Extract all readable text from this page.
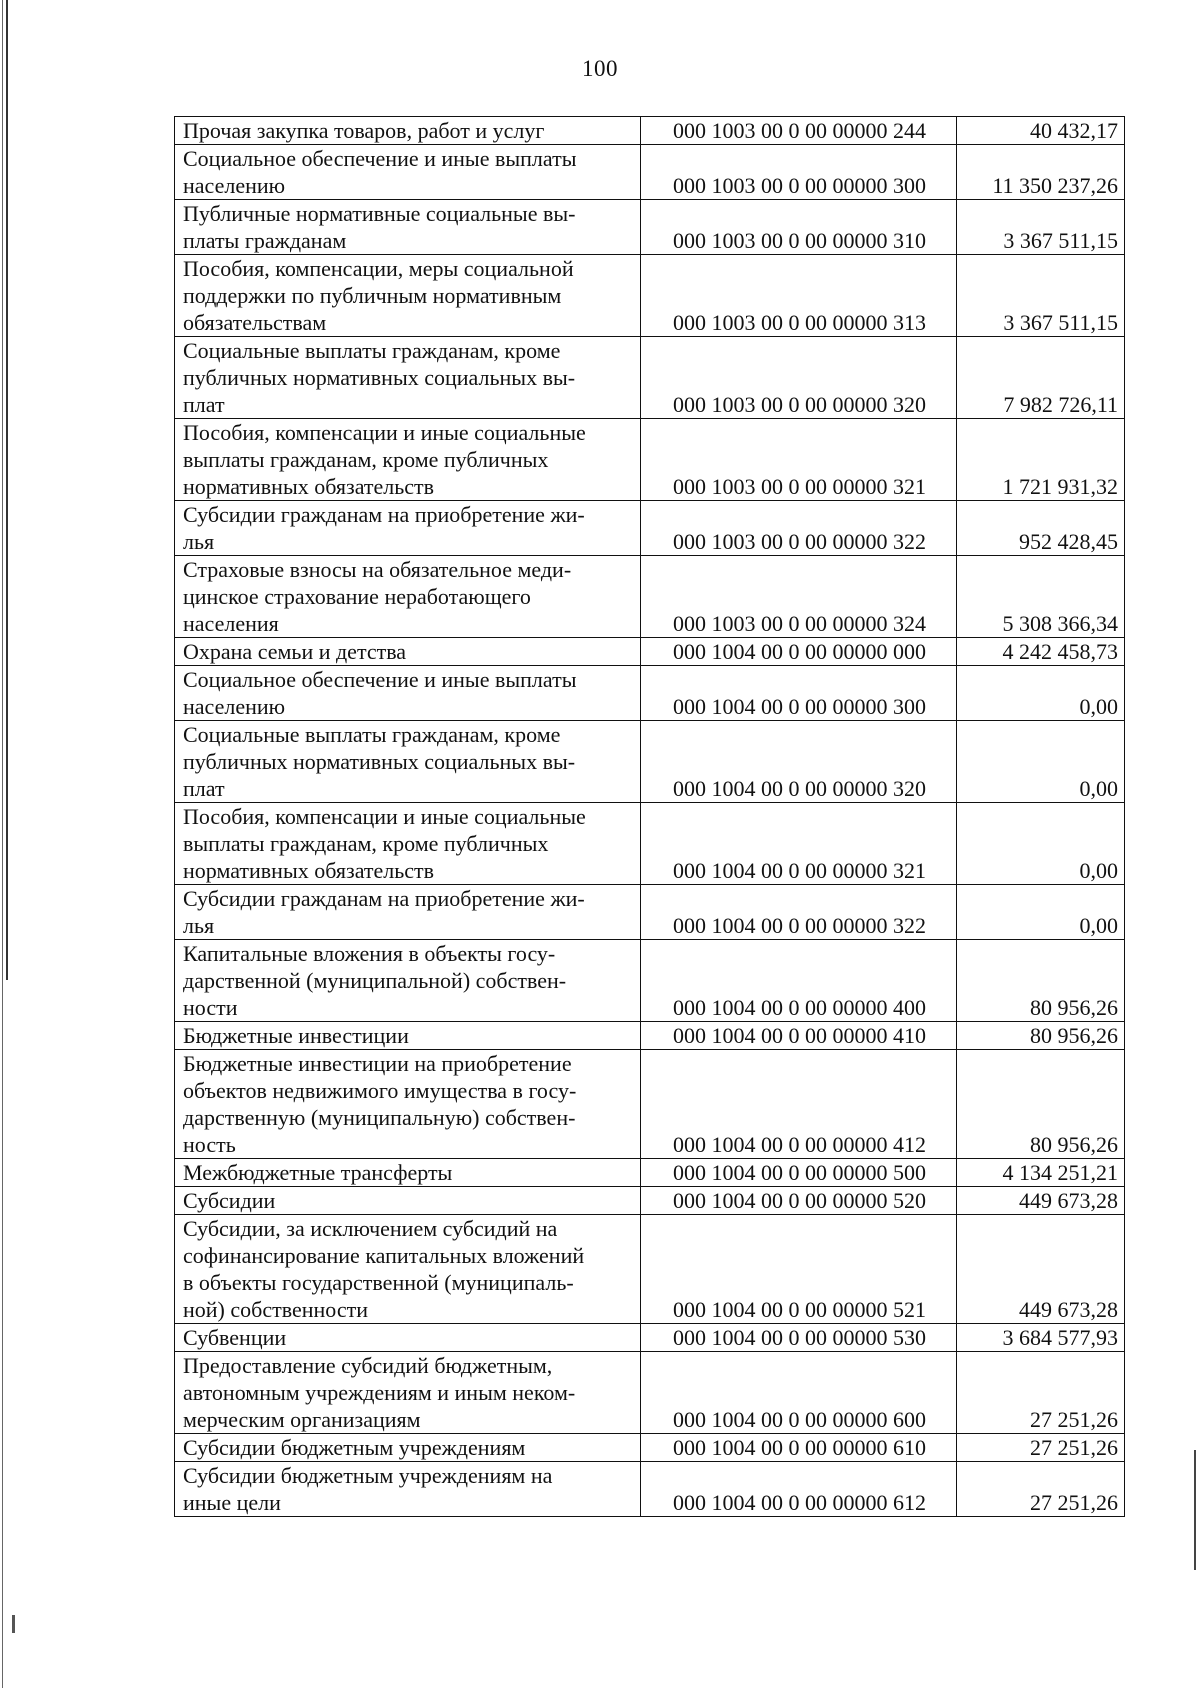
100
Прочая закупка товаров, работ и услуг	000 1003 00 0 00 00000 244	40 432,17
Социальное обеспечение и иные выплаты
населению	000 1003 00 0 00 00000 300	11 350 237,26
Публичные нормативные социальные вы-
платы гражданам	000 1003 00 0 00 00000 310	3 367 511,15
Пособия, компенсации, меры социальной
поддержки по публичным нормативным
обязательствам	000 1003 00 0 00 00000 313	3 367 511,15
Социальные выплаты гражданам, кроме
публичных нормативных социальных вы-
плат	000 1003 00 0 00 00000 320	7 982 726,11
Пособия, компенсации и иные социальные
выплаты гражданам, кроме публичных
нормативных обязательств	000 1003 00 0 00 00000 321	1 721 931,32
Субсидии гражданам на приобретение жи-
лья	000 1003 00 0 00 00000 322	952 428,45
Страховые взносы на обязательное меди-
цинское страхование неработающего
населения	000 1003 00 0 00 00000 324	5 308 366,34
Охрана семьи и детства	000 1004 00 0 00 00000 000	4 242 458,73
Социальное обеспечение и иные выплаты
населению	000 1004 00 0 00 00000 300	0,00
Социальные выплаты гражданам, кроме
публичных нормативных социальных вы-
плат	000 1004 00 0 00 00000 320	0,00
Пособия, компенсации и иные социальные
выплаты гражданам, кроме публичных
нормативных обязательств	000 1004 00 0 00 00000 321	0,00
Субсидии гражданам на приобретение жи-
лья	000 1004 00 0 00 00000 322	0,00
Капитальные вложения в объекты госу-
дарственной (муниципальной) собствен-
ности	000 1004 00 0 00 00000 400	80 956,26
Бюджетные инвестиции	000 1004 00 0 00 00000 410	80 956,26
Бюджетные инвестиции на приобретение
объектов недвижимого имущества в госу-
дарственную (муниципальную) собствен-
ность	000 1004 00 0 00 00000 412	80 956,26
Межбюджетные трансферты	000 1004 00 0 00 00000 500	4 134 251,21
Субсидии	000 1004 00 0 00 00000 520	449 673,28
Субсидии, за исключением субсидий на
софинансирование капитальных вложений
в объекты государственной (муниципаль-
ной) собственности	000 1004 00 0 00 00000 521	449 673,28
Субвенции	000 1004 00 0 00 00000 530	3 684 577,93
Предоставление субсидий бюджетным,
автономным учреждениям и иным неком-
мерческим организациям	000 1004 00 0 00 00000 600	27 251,26
Субсидии бюджетным учреждениям	000 1004 00 0 00 00000 610	27 251,26
Субсидии бюджетным учреждениям на
иные цели	000 1004 00 0 00 00000 612	27 251,26
